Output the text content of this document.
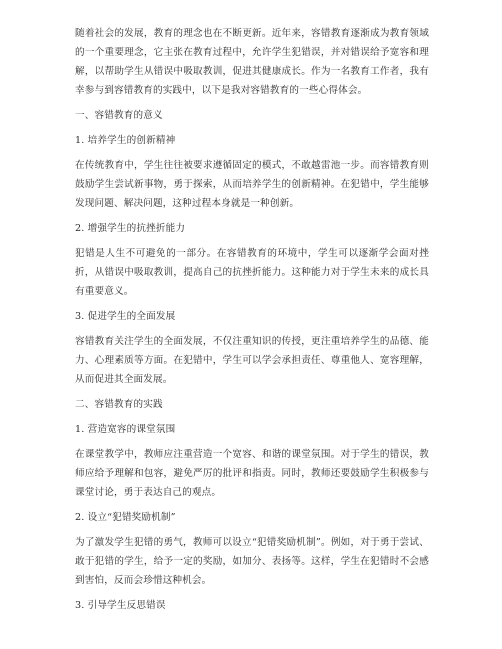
随着社会的发展，教育的理念也在不断更新。近年来，容错教育逐渐成为教育领域的一个重要理念，它主张在教育过程中，允许学生犯错误，并对错误给予宽容和理解，以帮助学生从错误中吸取教训，促进其健康成长。作为一名教育工作者，我有幸参与到容错教育的实践中，以下是我对容错教育的一些心得体会。

一、容错教育的意义

1. 培养学生的创新精神

在传统教育中，学生往往被要求遵循固定的模式，不敢越雷池一步。而容错教育则鼓励学生尝试新事物，勇于探索，从而培养学生的创新精神。在犯错中，学生能够发现问题、解决问题，这种过程本身就是一种创新。

2. 增强学生的抗挫折能力

犯错是人生不可避免的一部分。在容错教育的环境中，学生可以逐渐学会面对挫折，从错误中吸取教训，提高自己的抗挫折能力。这种能力对于学生未来的成长具有重要意义。

3. 促进学生的全面发展

容错教育关注学生的全面发展，不仅注重知识的传授，更注重培养学生的品德、能力、心理素质等方面。在犯错中，学生可以学会承担责任、尊重他人、宽容理解，从而促进其全面发展。

二、容错教育的实践

1. 营造宽容的课堂氛围

在课堂教学中，教师应注重营造一个宽容、和谐的课堂氛围。对于学生的错误，教师应给予理解和包容，避免严厉的批评和指责。同时，教师还要鼓励学生积极参与课堂讨论，勇于表达自己的观点。

2. 设立“犯错奖励机制”

为了激发学生犯错的勇气，教师可以设立“犯错奖励机制”。例如，对于勇于尝试、敢于犯错的学生，给予一定的奖励，如加分、表扬等。这样，学生在犯错时不会感到害怕，反而会珍惜这种机会。

3. 引导学生反思错误
